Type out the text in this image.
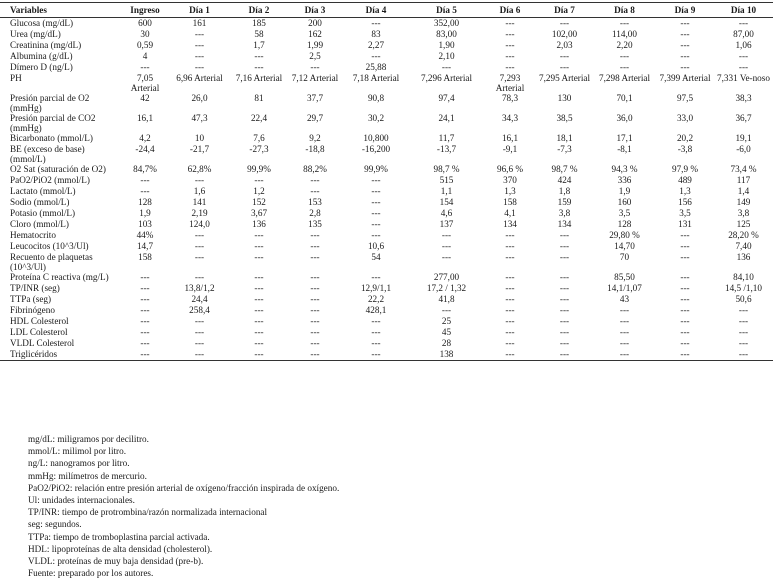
Variables	Ingreso	Día 1	Día 2	Día 3	Día 4	Día 5	Día 6	Día 7	Día 8	Día 9	Día 10
Glucosa (mg/dL)	600	161	185	200	---	352,00	---	---	---	---	---
Urea (mg/dL)	30	---	58	162	83	83,00	---	102,00	114,00	---	87,00
Creatinina (mg/dL)	0,59	---	1,7	1,99	2,27	1,90	---	2,03	2,20	---	1,06
Albumina (g/dL)	4	---	---	2,5	---	2,10	---	---	---	---	---
Dímero D (ng/L)	---	---	---	---	25,88	---	---	---	---	---	---
PH	7,05 Arterial	6,96 Arterial	7,16 Arterial	7,12 Arterial	7,18 Arterial	7,296 Arterial	7,293 Arterial	7,295 Arterial	7,298 Arterial	7,399 Arterial	7,331 Ve-noso
Presión parcial de O2 (mmHg)	42	26,0	81	37,7	90,8	97,4	78,3	130	70,1	97,5	38,3
Presión parcial de CO2 (mmHg)	16,1	47,3	22,4	29,7	30,2	24,1	34,3	38,5	36,0	33,0	36,7
Bicarbonato (mmol/L)	4,2	10	7,6	9,2	10,800	11,7	16,1	18,1	17,1	20,2	19,1
BE (exceso de base) (mmol/L)	-24,4	-21,7	-27,3	-18,8	-16,200	-13,7	-9,1	-7,3	-8,1	-3,8	-6,0
O2 Sat (saturación de O2)	84,7%	62,8%	99,9%	88,2%	99,9%	98,7 %	96,6 %	98,7 %	94,3 %	97,9 %	73,4 %
PaO2/PiO2 (mmol/L)	---	---	---	---	---	515	370	424	336	489	117
Lactato (mmol/L)	---	1,6	1,2	---	---	1,1	1,3	1,8	1,9	1,3	1,4
Sodio (mmol/L)	128	141	152	153	---	154	158	159	160	156	149
Potasio (mmol/L)	1,9	2,19	3,67	2,8	---	4,6	4,1	3,8	3,5	3,5	3,8
Cloro (mmol/L)	103	124,0	136	135	---	137	134	134	128	131	125
Hematocrito	44%	---	---	---	---	---	---	---	29,80 %	---	28,20 %
Leucocitos (10^3/Ul)	14,7	---	---	---	10,6	---	---	---	14,70	---	7,40
Recuento de plaquetas (10^3/Ul)	158	---	---	---	54	---	---	---	70	---	136
Proteína C reactiva (mg/L)	---	---	---	---	---	277,00	---	---	85,50	---	84,10
TP/INR (seg)	---	13,8/1,2	---	---	12,9/1,1	17,2 / 1,32	---	---	14,1/1,07	---	14,5 /1,10
TTPa (seg)	---	24,4	---	---	22,2	41,8	---	---	43	---	50,6
Fibrinógeno	---	258,4	---	---	428,1	---	---	---	---	---	---
HDL Colesterol	---	---	---	---	---	25	---	---	---	---	---
LDL Colesterol	---	---	---	---	---	45	---	---	---	---	---
VLDL Colesterol	---	---	---	---	---	28	---	---	---	---	---
Triglicéridos	---	---	---	---	---	138	---	---	---	---	---
mg/dL: miligramos por decilitro.
mmol/L: milimol por litro.
ng/L: nanogramos por litro.
mmHg: milímetros de mercurio.
PaO2/PiO2: relación entre presión arterial de oxígeno/fracción inspirada de oxígeno.
Ul: unidades internacionales.
TP/INR: tiempo de protrombina/razón normalizada internacional
seg: segundos.
TTPa: tiempo de tromboplastina parcial activada.
HDL: lipoproteínas de alta densidad (cholesterol).
VLDL: proteínas de muy baja densidad (pre-b).
Fuente: preparado por los autores.
